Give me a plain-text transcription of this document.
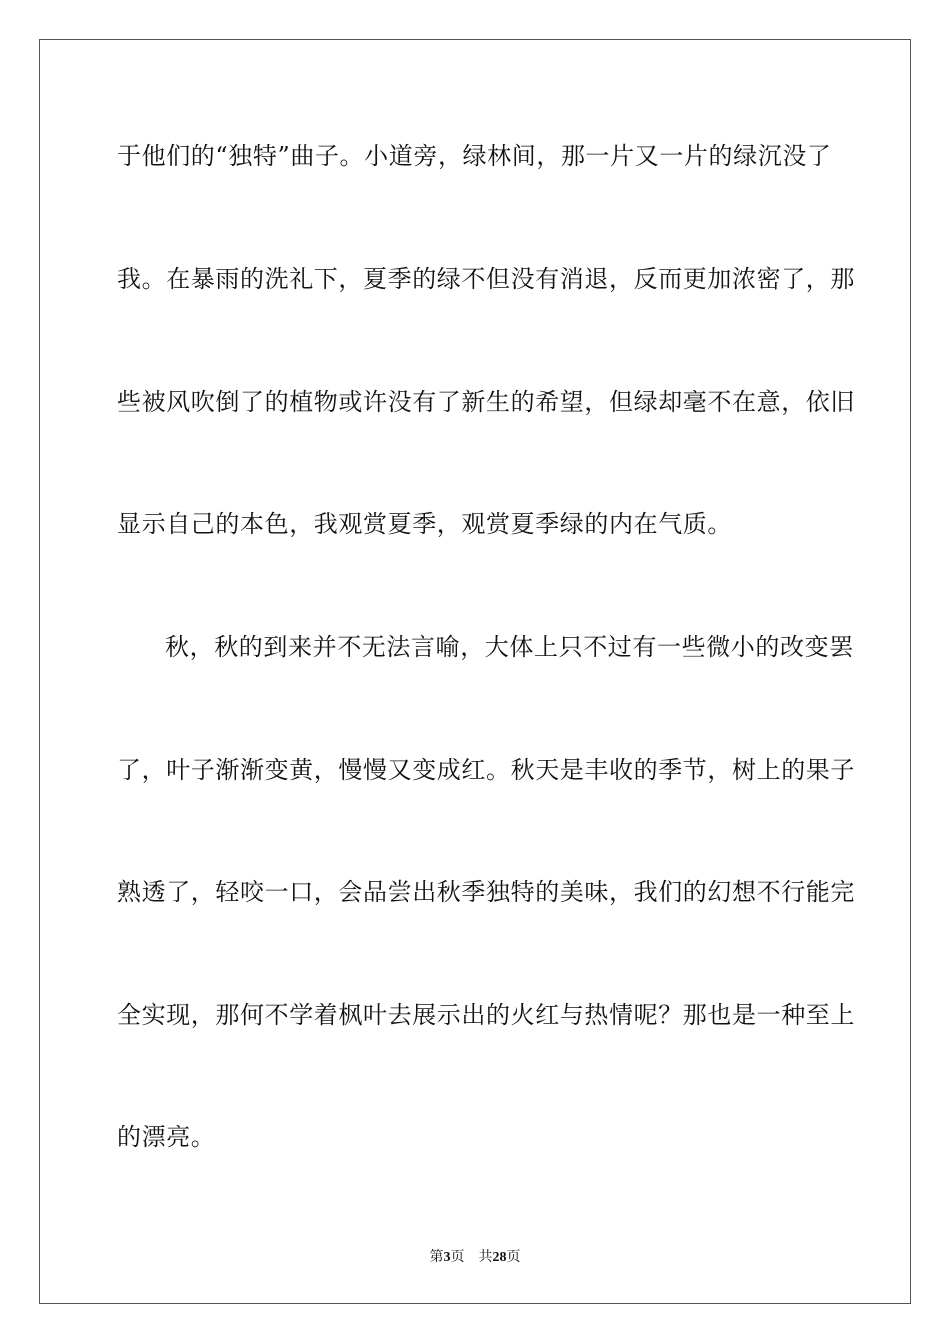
于他们的“独特”曲子。小道旁，绿林间，那一片又一片的绿沉没了
我。在暴雨的洗礼下，夏季的绿不但没有消退，反而更加浓密了，那
些被风吹倒了的植物或许没有了新生的希望，但绿却毫不在意，依旧
显示自己的本色，我观赏夏季，观赏夏季绿的内在气质。
秋，秋的到来并不无法言喻，大体上只不过有一些微小的改变罢
了，叶子渐渐变黄，慢慢又变成红。秋天是丰收的季节，树上的果子
熟透了，轻咬一口，会品尝出秋季独特的美味，我们的幻想不行能完
全实现，那何不学着枫叶去展示出的火红与热情呢？那也是一种至上
的漂亮。
第3页 共28页
